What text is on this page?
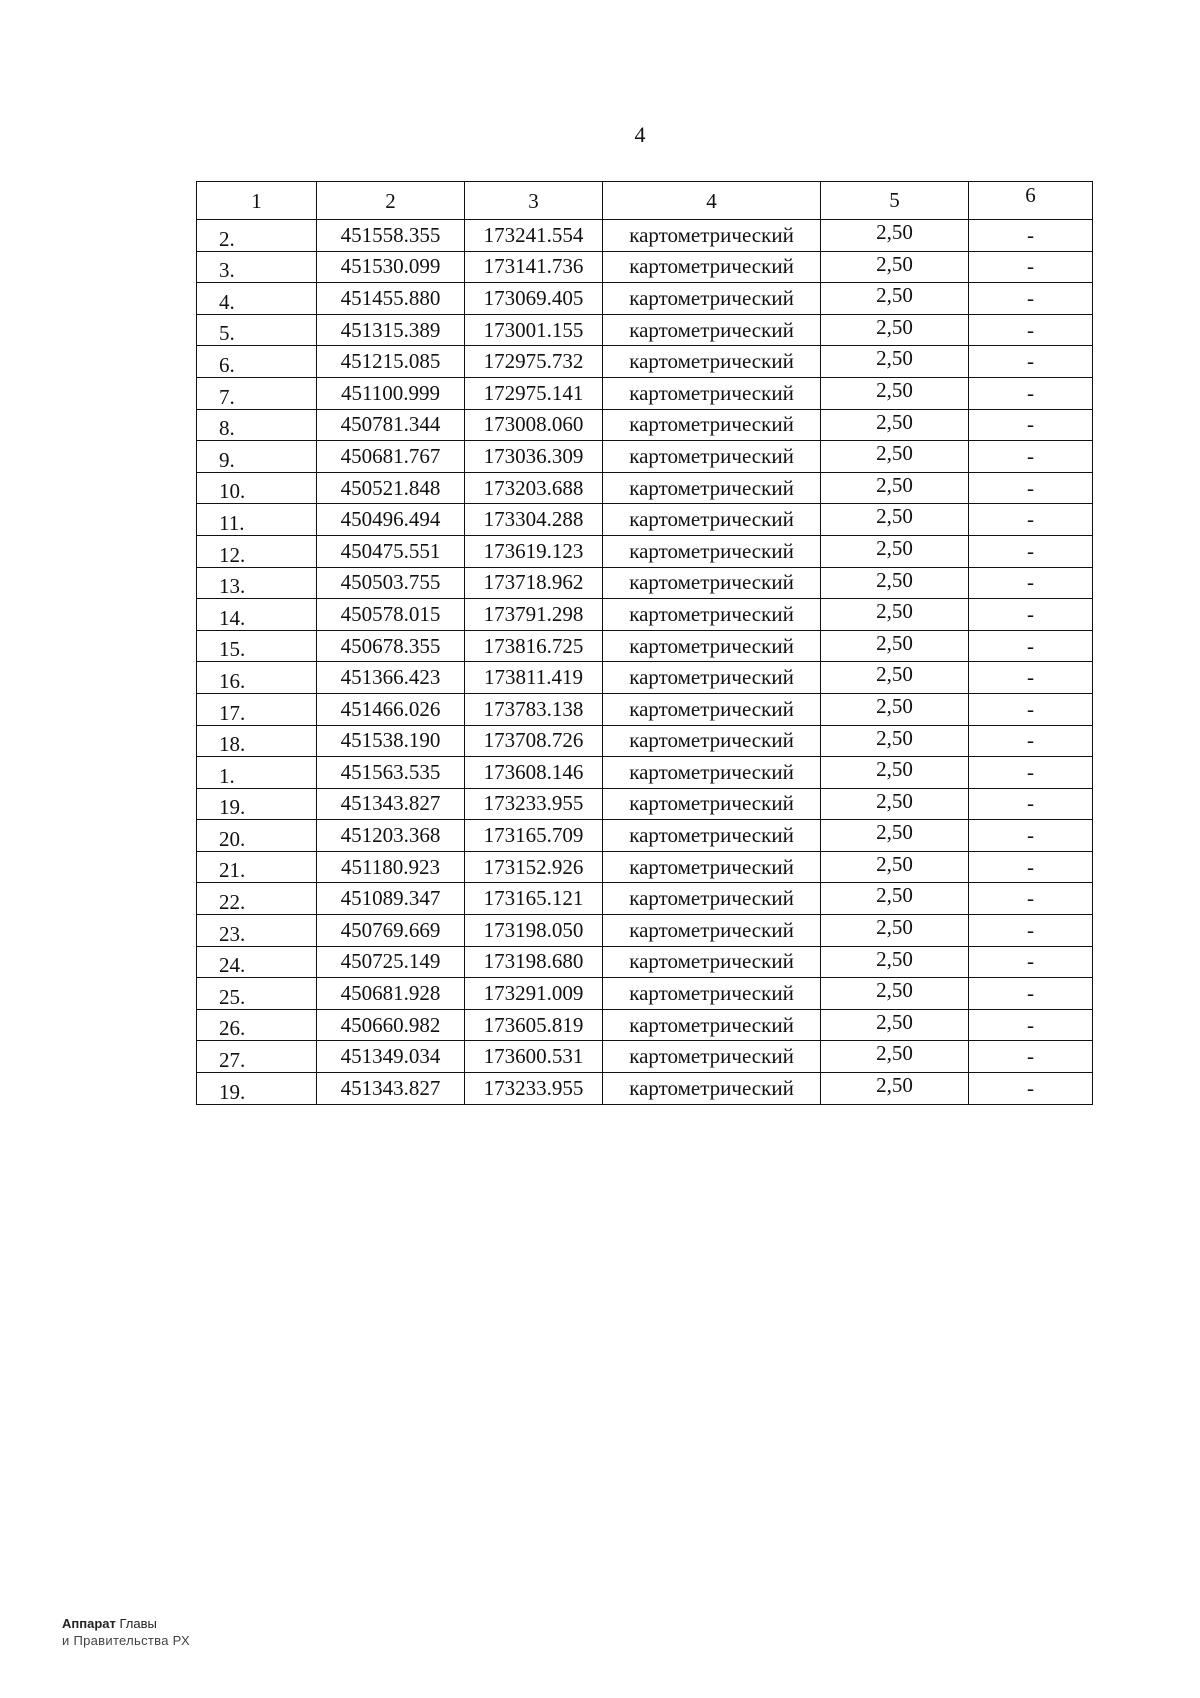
4
1	2	3	4	5	6
2.	451558.355	173241.554	картометрический	2,50	-
3.	451530.099	173141.736	картометрический	2,50	-
4.	451455.880	173069.405	картометрический	2,50	-
5.	451315.389	173001.155	картометрический	2,50	-
6.	451215.085	172975.732	картометрический	2,50	-
7.	451100.999	172975.141	картометрический	2,50	-
8.	450781.344	173008.060	картометрический	2,50	-
9.	450681.767	173036.309	картометрический	2,50	-
10.	450521.848	173203.688	картометрический	2,50	-
11.	450496.494	173304.288	картометрический	2,50	-
12.	450475.551	173619.123	картометрический	2,50	-
13.	450503.755	173718.962	картометрический	2,50	-
14.	450578.015	173791.298	картометрический	2,50	-
15.	450678.355	173816.725	картометрический	2,50	-
16.	451366.423	173811.419	картометрический	2,50	-
17.	451466.026	173783.138	картометрический	2,50	-
18.	451538.190	173708.726	картометрический	2,50	-
1.	451563.535	173608.146	картометрический	2,50	-
19.	451343.827	173233.955	картометрический	2,50	-
20.	451203.368	173165.709	картометрический	2,50	-
21.	451180.923	173152.926	картометрический	2,50	-
22.	451089.347	173165.121	картометрический	2,50	-
23.	450769.669	173198.050	картометрический	2,50	-
24.	450725.149	173198.680	картометрический	2,50	-
25.	450681.928	173291.009	картометрический	2,50	-
26.	450660.982	173605.819	картометрический	2,50	-
27.	451349.034	173600.531	картометрический	2,50	-
19.	451343.827	173233.955	картометрический	2,50	-
Аппарат Главы
и Правительства РХ
